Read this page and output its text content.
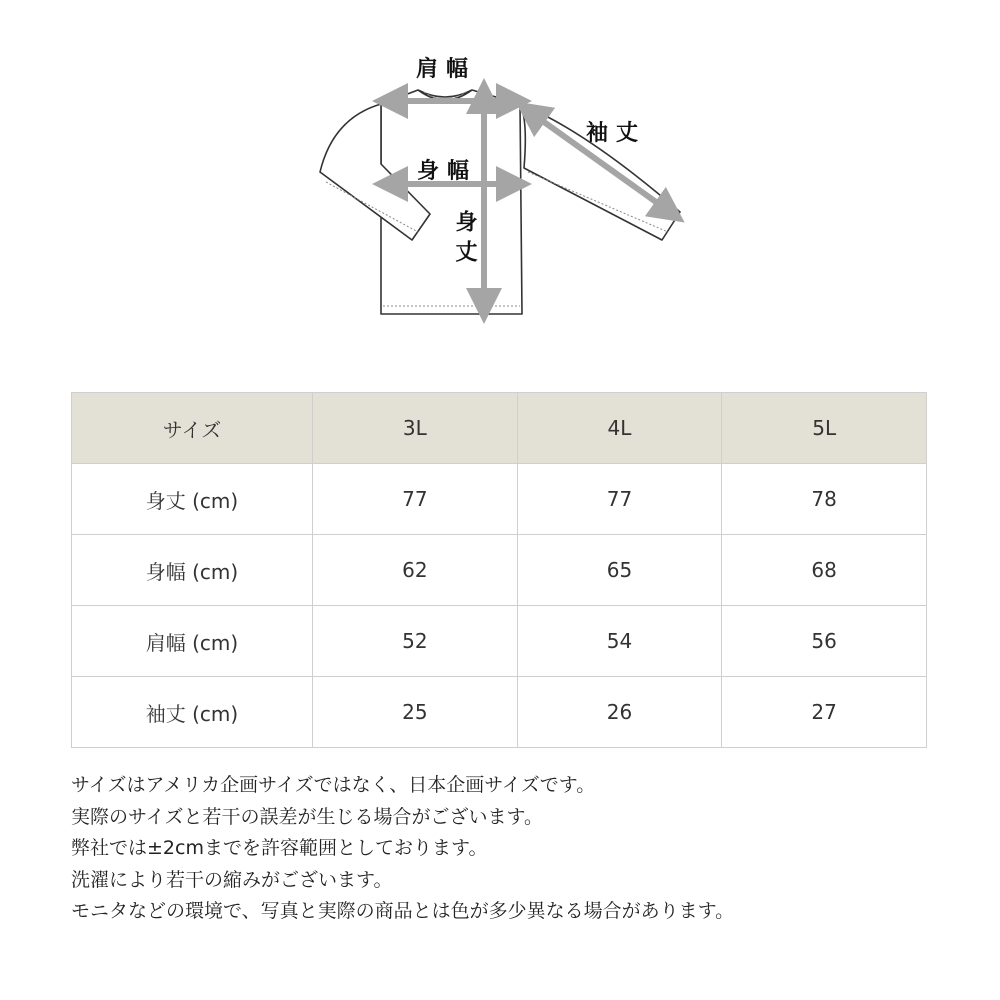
肩幅
袖丈
身幅
身丈
サイズ	3L	4L	5L
身丈 (cm)	77	77	78
身幅 (cm)	62	65	68
肩幅 (cm)	52	54	56
袖丈 (cm)	25	26	27

サイズはアメリカ企画サイズではなく、日本企画サイズです。

実際のサイズと若干の誤差が生じる場合がございます。

弊社では±2cmまでを許容範囲としております。

洗濯により若干の縮みがございます。

モニタなどの環境で、写真と実際の商品とは色が多少異なる場合があります。
